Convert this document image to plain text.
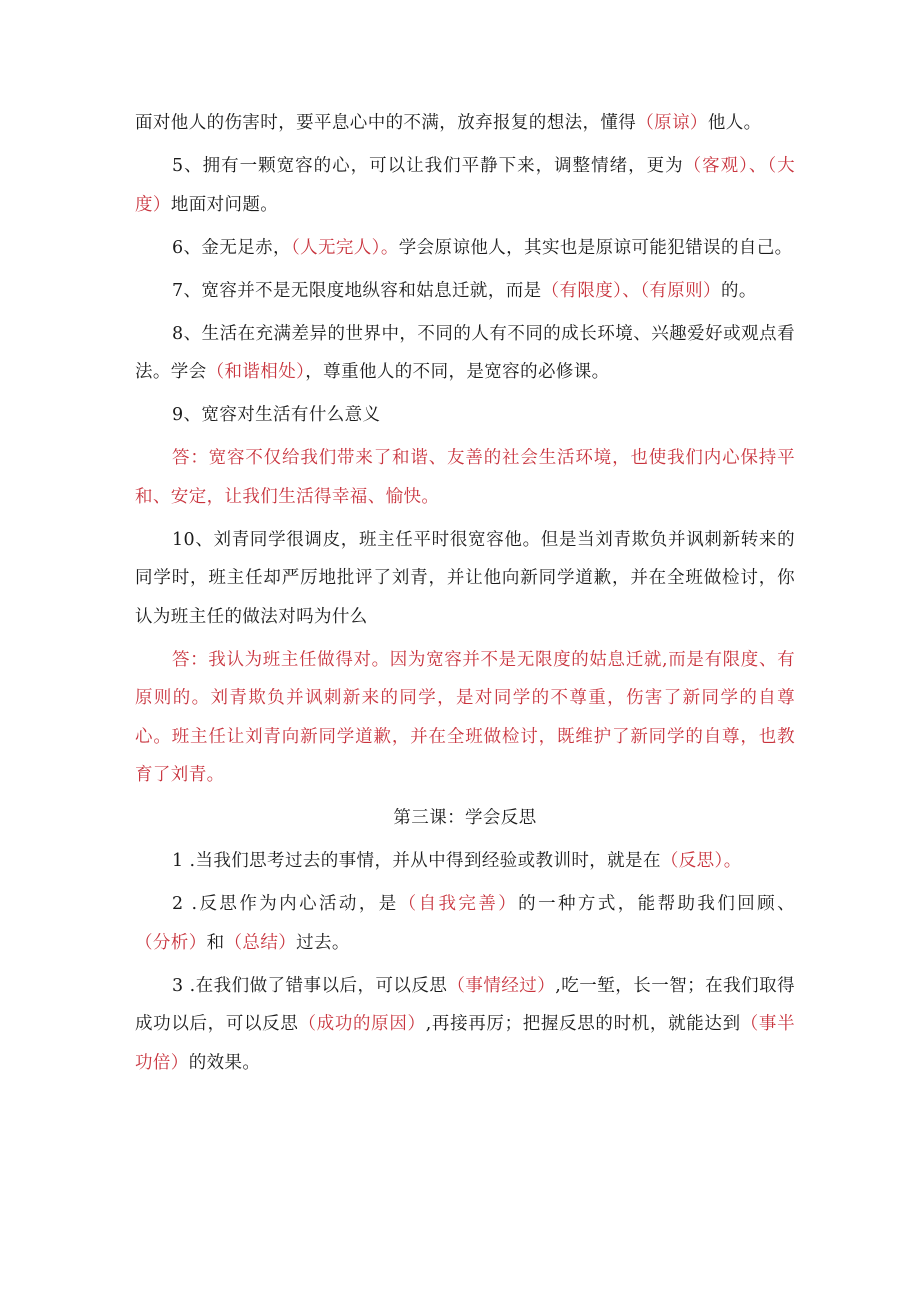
面对他人的伤害时，要平息心中的不满，放弃报复的想法，懂得（原谅）他人。

5、拥有一颗宽容的心，可以让我们平静下来，调整情绪，更为（客观）、（大度）地面对问题。

6、金无足赤，（人无完人）。学会原谅他人，其实也是原谅可能犯错误的自己。

7、宽容并不是无限度地纵容和姑息迁就，而是（有限度）、（有原则）的。

8、生活在充满差异的世界中，不同的人有不同的成长环境、兴趣爱好或观点看法。学会（和谐相处），尊重他人的不同，是宽容的必修课。

9、宽容对生活有什么意义

答：宽容不仅给我们带来了和谐、友善的社会生活环境，也使我们内心保持平和、安定，让我们生活得幸福、愉快。

10、刘青同学很调皮，班主任平时很宽容他。但是当刘青欺负并讽刺新转来的同学时，班主任却严厉地批评了刘青，并让他向新同学道歉，并在全班做检讨，你认为班主任的做法对吗为什么

答：我认为班主任做得对。因为宽容并不是无限度的姑息迁就,而是有限度、有原则的。刘青欺负并讽刺新来的同学，是对同学的不尊重，伤害了新同学的自尊心。班主任让刘青向新同学道歉，并在全班做检讨，既维护了新同学的自尊，也教育了刘青。

第三课：学会反思

1 .当我们思考过去的事情，并从中得到经验或教训时，就是在（反思）。

2 .反思作为内心活动，是（自我完善）的一种方式，能帮助我们回顾、（分析）和（总结）过去。

3 .在我们做了错事以后，可以反思（事情经过）,吃一堑，长一智；在我们取得成功以后，可以反思（成功的原因）,再接再厉；把握反思的时机，就能达到（事半功倍）的效果。
